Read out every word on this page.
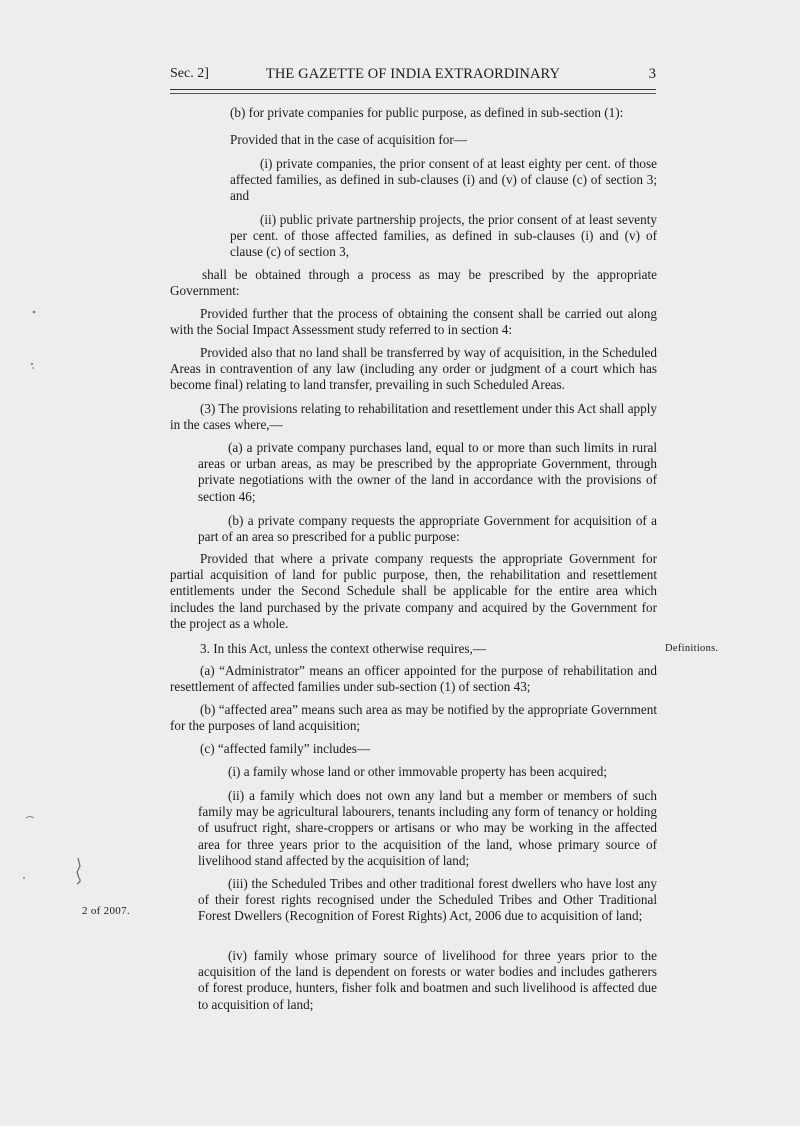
Sec. 2]	THE GAZETTE OF INDIA EXTRAORDINARY	3

(b) for private companies for public purpose, as defined in sub-section (1):

Provided that in the case of acquisition for—

(i) private companies, the prior consent of at least eighty per cent. of those affected families, as defined in sub-clauses (i) and (v) of clause (c) of section 3; and

(ii) public private partnership projects, the prior consent of at least seventy per cent. of those affected families, as defined in sub-clauses (i) and (v) of clause (c) of section 3,

shall be obtained through a process as may be prescribed by the appropriate Government:

Provided further that the process of obtaining the consent shall be carried out along with the Social Impact Assessment study referred to in section 4:

Provided also that no land shall be transferred by way of acquisition, in the Scheduled Areas in contravention of any law (including any order or judgment of a court which has become final) relating to land transfer, prevailing in such Scheduled Areas.

(3) The provisions relating to rehabilitation and resettlement under this Act shall apply in the cases where,—

(a) a private company purchases land, equal to or more than such limits in rural areas or urban areas, as may be prescribed by the appropriate Government, through private negotiations with the owner of the land in accordance with the provisions of section 46;

(b) a private company requests the appropriate Government for acquisition of a part of an area so prescribed for a public purpose:

Provided that where a private company requests the appropriate Government for partial acquisition of land for public purpose, then, the rehabilitation and resettlement entitlements under the Second Schedule shall be applicable for the entire area which includes the land purchased by the private company and acquired by the Government for the project as a whole.

3. In this Act, unless the context otherwise requires,—	Definitions.

(a) “Administrator” means an officer appointed for the purpose of rehabilitation and resettlement of affected families under sub-section (1) of section 43;

(b) “affected area” means such area as may be notified by the appropriate Government for the purposes of land acquisition;

(c) “affected family” includes—

(i) a family whose land or other immovable property has been acquired;

(ii) a family which does not own any land but a member or members of such family may be agricultural labourers, tenants including any form of tenancy or holding of usufruct right, share-croppers or artisans or who may be working in the affected area for three years prior to the acquisition of the land, whose primary source of livelihood stand affected by the acquisition of land;

(iii) the Scheduled Tribes and other traditional forest dwellers who have lost any of their forest rights recognised under the Scheduled Tribes and Other Traditional Forest Dwellers (Recognition of Forest Rights) Act, 2006 due to acquisition of land;

2 of 2007.

(iv) family whose primary source of livelihood for three years prior to the acquisition of the land is dependent on forests or water bodies and includes gatherers of forest produce, hunters, fisher folk and boatmen and such livelihood is affected due to acquisition of land;
